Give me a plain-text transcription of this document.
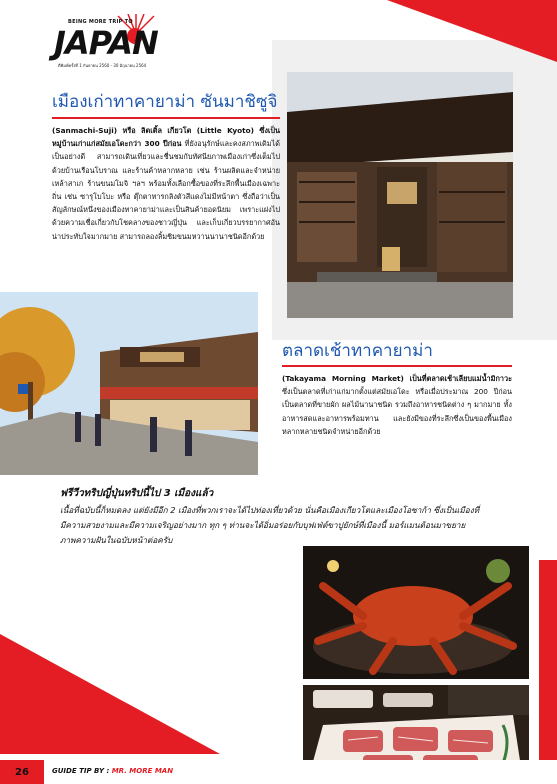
BEING MORE TRIP TO
JAPAN
ตีพิมพ์ครั้งที่ 1 กันยายน 2560 - 30 มิถุนายน 2564
เมืองเก่าทาคายาม่า ซันมาชิซูจิ
(Sanmachi-Suji) หรือ ลิตเติ้ล เกียวโต (Little Kyoto) ซึ่งเป็นหมู่บ้านเก่าแก่สมัยเอโดะกว่า 300 ปีก่อน ที่ยังอนุรักษ์และคงสภาพเดิมได้เป็นอย่างดี สามารถเดินเที่ยวและชื่นชมกับทัศนียภาพเมืองเก่าซึ่งเต็มไปด้วยบ้านเรือนโบราณ และร้านค้าหลากหลาย เช่น ร้านผลิตและจำหน่ายเหล้าสาเก ร้านขนมโมจิ ฯลฯ พร้อมทั้งเลือกซื้อของที่ระลึกพื้นเมืองเฉพาะถิ่น เช่น ซารุโบโบะ หรือ ตุ๊กตาทารกลิงตัวสีแดงไม่มีหน้าตา ซึ่งถือว่าเป็นสัญลักษณ์หนึ่งของเมืองทาคายาม่าและเป็นสินค้ายอดนิยม เพราะแฝงไปด้วยความเชื่อเกี่ยวกับโชคลางของชาวญี่ปุ่น และเก็บเกี่ยวบรรยากาศอันน่าประทับใจมากมาย สามารถลองลิ้มชิมขนมหวานนานาชนิดอีกด้วย
ตลาดเช้าทาคายาม่า
(Takayama Morning Market) เป็นที่ตลาดเช้าเลียบแม่น้ำมิกาวะ ซึ่งเป็นตลาดที่เก่าแก่มากตั้งแต่สมัยเอโดะ หรือเมื่อประมาณ 200 ปีก่อน เป็นตลาดที่ขายผัก ผลไม้นานาชนิด รวมถึงอาหารชนิดต่าง ๆ มากมาย ทั้งอาหารสดและอาหารพร้อมทาน และยังมีของที่ระลึกซึ่งเป็นของพื้นเมืองหลากหลายชนิดจำหน่ายอีกด้วย
ฟรีวีวทริปญี่ปุ่นทริปนี้ไป 3 เมืองแล้ว
เนื้อที่ฉบับนี้ก็หมดลง แต่ยังมีอีก 2 เมืองที่พวกเราจะได้ไปท่องเที่ยวด้วย นั่นคือเมืองเกียวโตและเมืองโอซาก้า ซึ่งเป็นเมืองที่มีความสวยงามและมีความเจริญอย่างมาก ทุก ๆ ท่านจะได้อิ่มอร่อยกับบุฟเฟ่ต์ขาปูยักษ์ที่เมืองนี้ มอร์แมนต้อนมาขยายภาพความฝันในฉบับหน้าต่อครับ
26	GUIDE TIP BY : MR. MORE MAN
